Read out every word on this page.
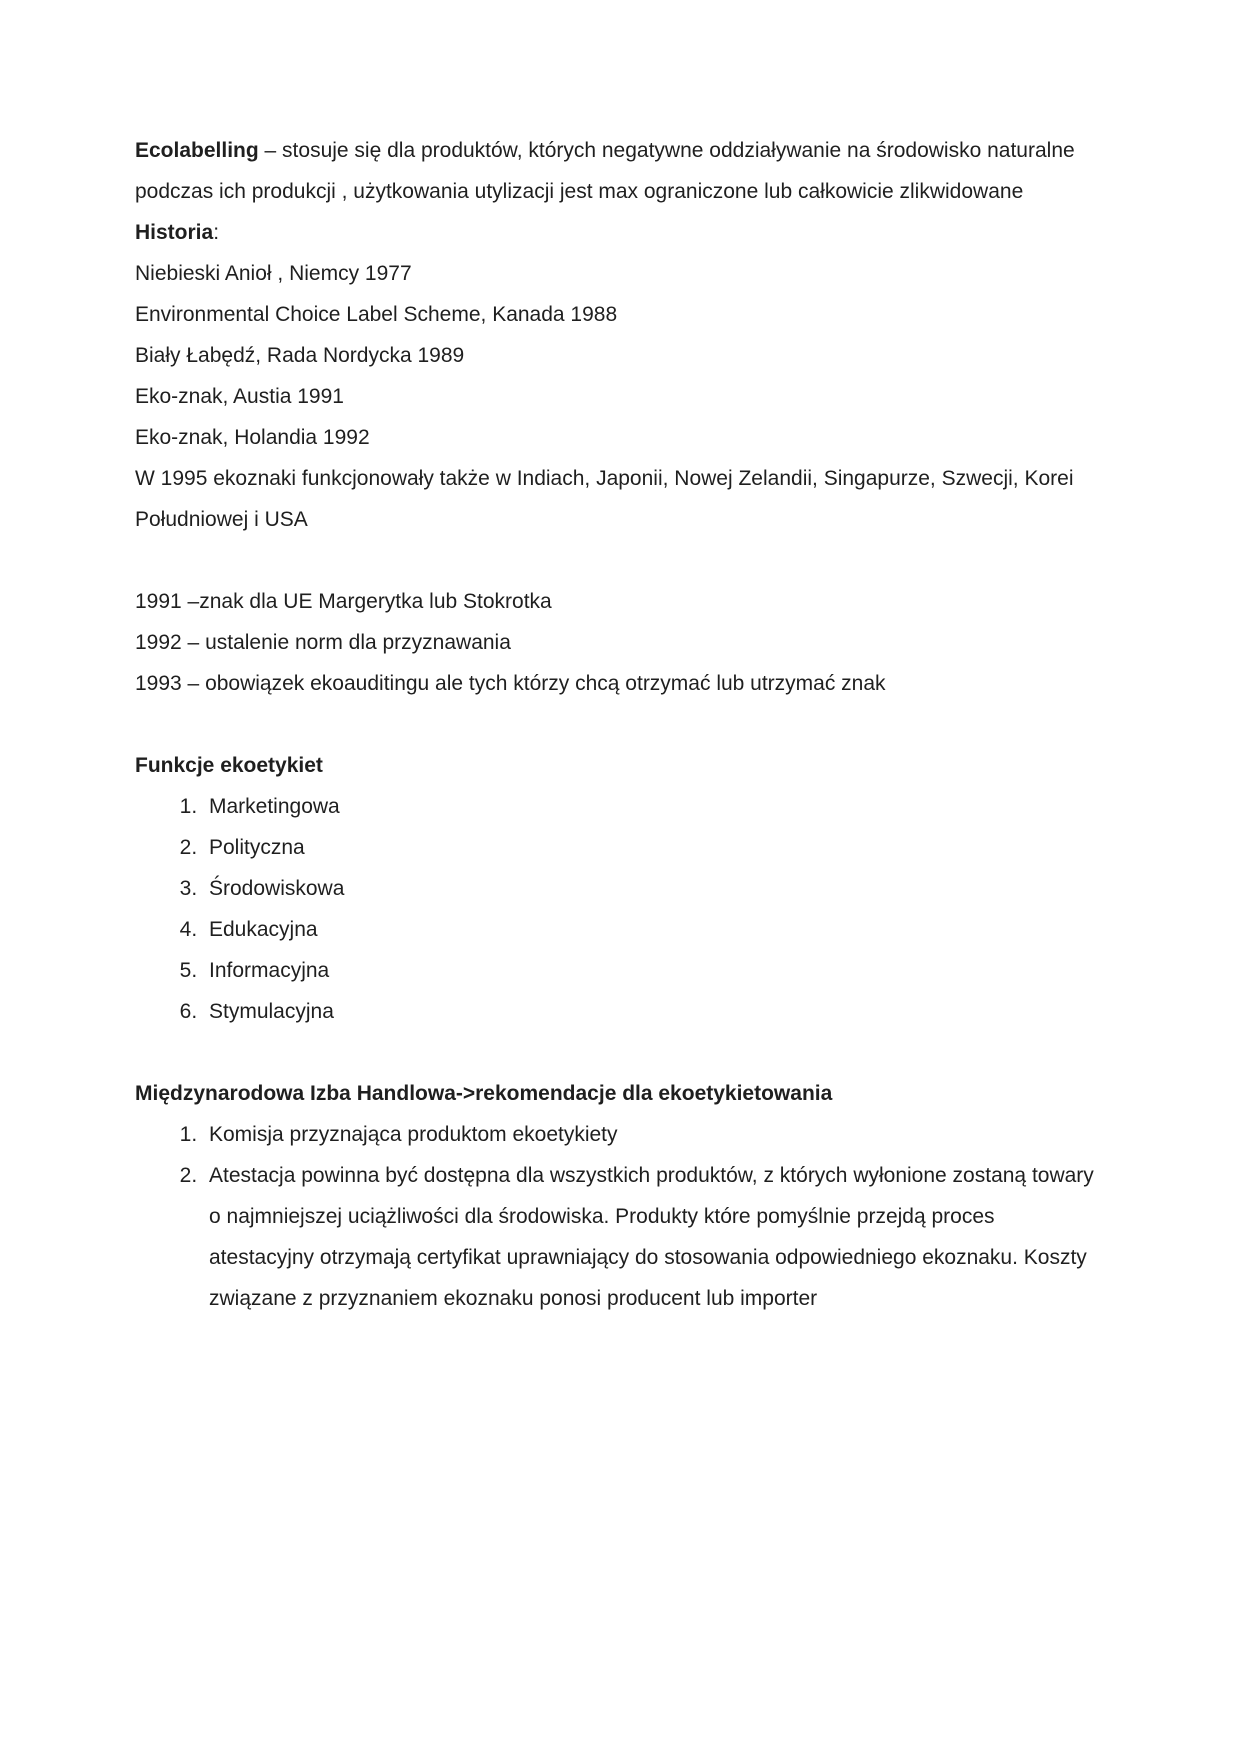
Ecolabelling – stosuje się dla produktów, których negatywne oddziaływanie na środowisko naturalne podczas ich produkcji , użytkowania utylizacji jest max ograniczone lub całkowicie zlikwidowane

Historia:

Niebieski Anioł , Niemcy 1977

Environmental Choice Label Scheme, Kanada 1988

Biały Łabędź, Rada Nordycka 1989

Eko-znak, Austia 1991

Eko-znak, Holandia 1992

W 1995 ekoznaki funkcjonowały także w Indiach, Japonii, Nowej Zelandii, Singapurze, Szwecji, Korei Południowej i USA

1991 –znak dla UE Margerytka lub Stokrotka

1992 – ustalenie norm dla przyznawania

1993 – obowiązek ekoauditingu ale tych którzy chcą otrzymać lub utrzymać znak

Funkcje ekoetykiet

1. Marketingowa
2. Polityczna
3. Środowiskowa
4. Edukacyjna
5. Informacyjna
6. Stymulacyjna

Międzynarodowa Izba Handlowa->rekomendacje dla ekoetykietowania

1. Komisja przyznająca produktom ekoetykiety
2. Atestacja powinna być dostępna dla wszystkich produktów, z których wyłonione zostaną towary o najmniejszej uciążliwości dla środowiska. Produkty które pomyślnie przejdą proces atestacyjny otrzymają certyfikat uprawniający do stosowania odpowiedniego ekoznaku. Koszty związane z przyznaniem ekoznaku ponosi producent lub importer
